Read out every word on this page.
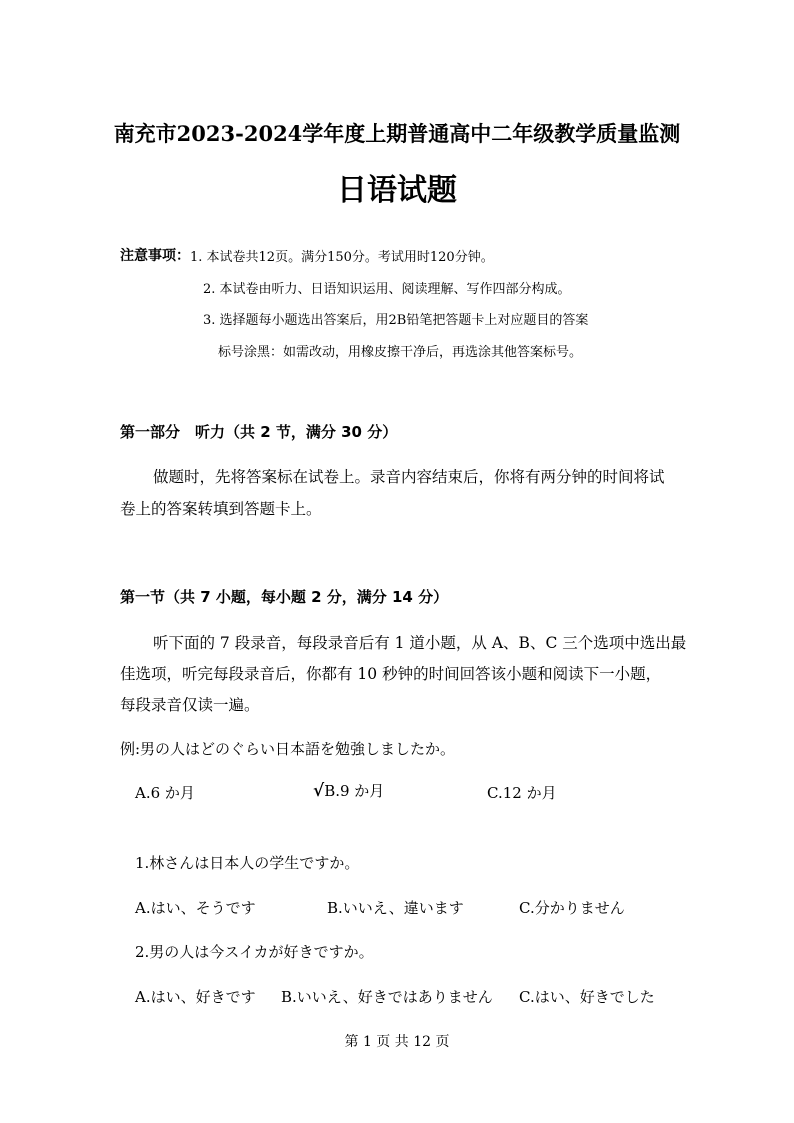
南充市2023-2024学年度上期普通高中二年级教学质量监测
日语试题
注意事项： 1. 本试卷共12页。满分150分。考试用时120分钟。
2. 本试卷由听力、日语知识运用、阅读理解、写作四部分构成。
3. 选择题每小题选出答案后，用2B铅笔把答题卡上对应题目的答案
标号涂黑：如需改动，用橡皮擦干净后，再选涂其他答案标号。
第一部分　听力（共 2 节，满分 30 分）
做题时，先将答案标在试卷上。录音内容结束后，你将有两分钟的时间将试
卷上的答案转填到答题卡上。
第一节（共 7 小题，每小题 2 分，满分 14 分）
听下面的 7 段录音，每段录音后有 1 道小题，从 A、B、C 三个选项中选出最
佳选项，听完每段录音后，你都有 10 秒钟的时间回答该小题和阅读下一小题，
每段录音仅读一遍。
例:男の人はどのぐらい日本語を勉強しましたか。
A.6 か月	√B.9 か月	C.12 か月
1.林さんは日本人の学生ですか。
A.はい、そうです	B.いいえ、違います	C.分かりません
2.男の人は今スイカが好きですか。
A.はい、好きです B.いいえ、好きではありません C.はい、好きでした
第 1 页 共 12 页
